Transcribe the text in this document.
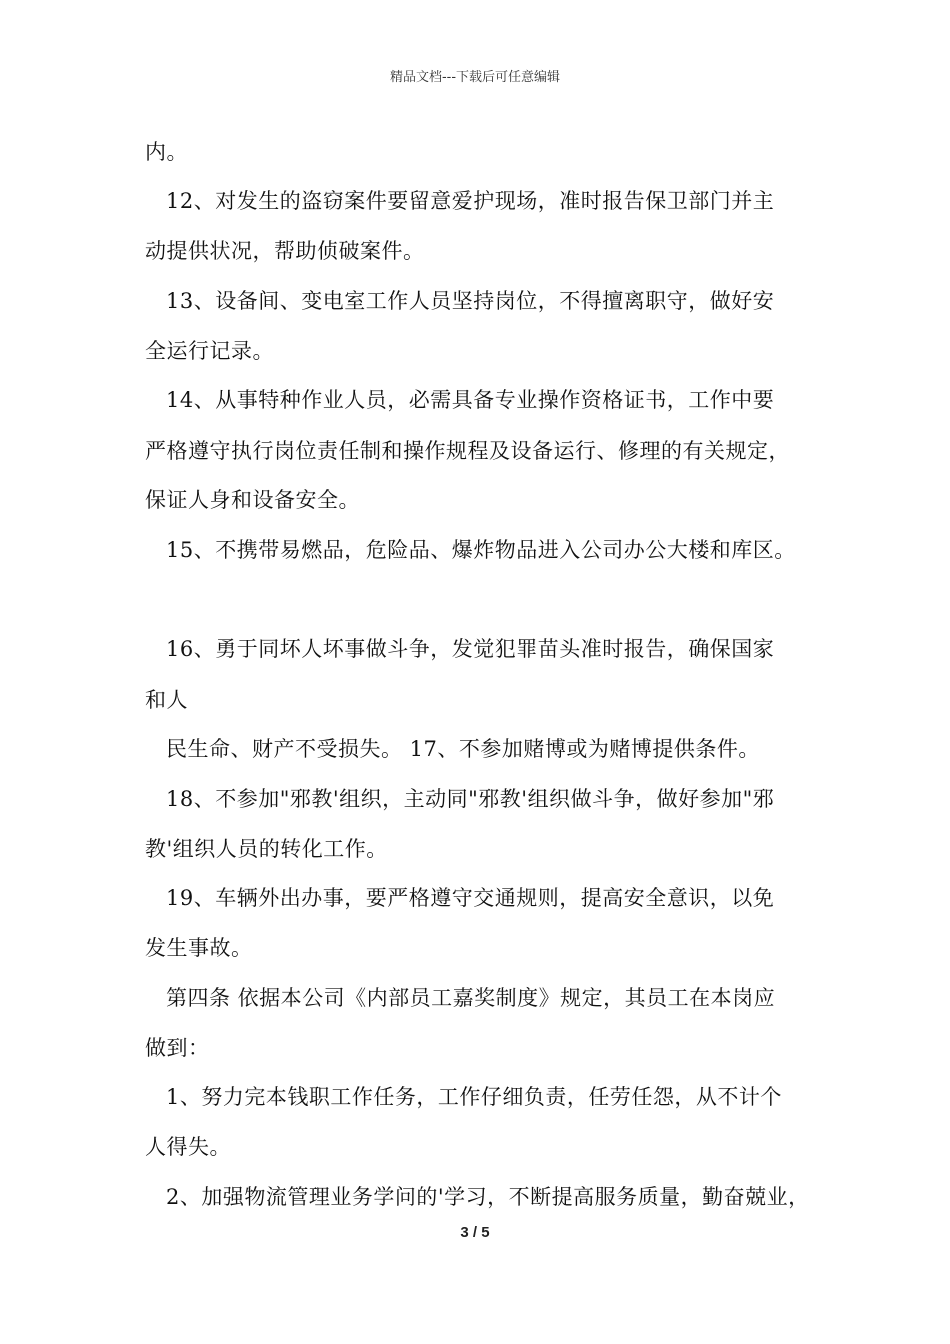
精品文档---下载后可任意编辑
内。
12、对发生的盗窃案件要留意爱护现场，准时报告保卫部门并主
动提供状况，帮助侦破案件。
13、设备间、变电室工作人员坚持岗位，不得擅离职守，做好安
全运行记录。
14、从事特种作业人员，必需具备专业操作资格证书，工作中要
严格遵守执行岗位责任制和操作规程及设备运行、修理的有关规定，
保证人身和设备安全。
15、不携带易燃品，危险品、爆炸物品进入公司办公大楼和库区。
16、勇于同坏人坏事做斗争，发觉犯罪苗头准时报告，确保国家
和人
民生命、财产不受损失。 17、不参加赌博或为赌博提供条件。
18、不参加"邪教'组织，主动同"邪教'组织做斗争，做好参加"邪
教'组织人员的转化工作。
19、车辆外出办事，要严格遵守交通规则，提高安全意识，以免
发生事故。
第四条 依据本公司《内部员工嘉奖制度》规定，其员工在本岗应
做到：
1、努力完本钱职工作任务，工作仔细负责，任劳任怨，从不计个
人得失。
2、加强物流管理业务学问的'学习，不断提高服务质量，勤奋兢业，
3 / 5
